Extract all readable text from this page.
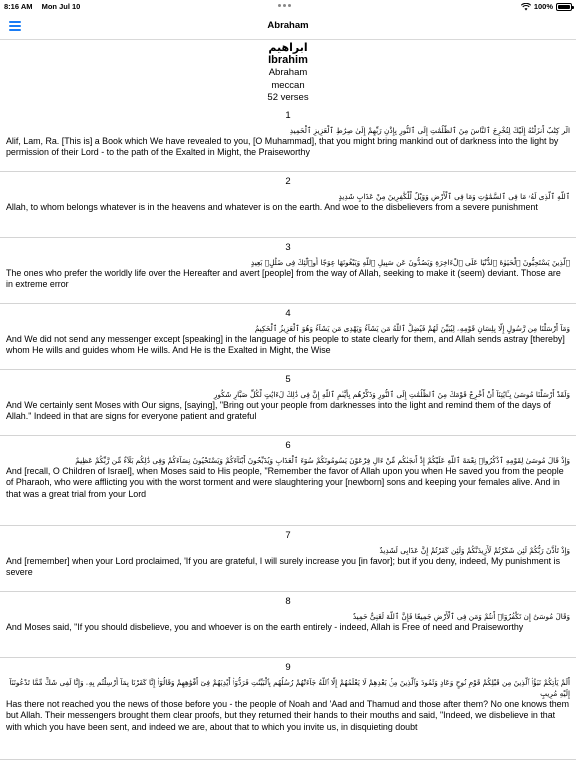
8:16 AM Mon Jul 10	100%
Abraham
ابراهيم
Ibrahim
Abraham
meccan
52 verses
1
الٓر كِتَٰبٌ أَنزَلْنَٰهُ إِلَيْكَ لِتُخْرِجَ ٱلنَّاسَ مِنَ ٱلظُّلُمَٰتِ إِلَى ٱلنُّورِ بِإِذْنِ رَبِّهِمْ إِلَىٰ صِرَٰطِ ٱلْعَزِيزِ ٱلْحَمِيدِ
Alif, Lam, Ra. [This is] a Book which We have revealed to you, [O Muhammad], that you might bring mankind out of darkness into the light by permission of their Lord - to the path of the Exalted in Might, the Praiseworthy
2
ٱللَّهِ ٱلَّذِى لَهُۥ مَا فِى ٱلسَّمَٰوَٰتِ وَمَا فِى ٱلْأَرْضِ وَوَيْلٌ لِّلْكَٰفِرِينَ مِنْ عَذَابٍ شَدِيدٍ
Allah, to whom belongs whatever is in the heavens and whatever is on the earth. And woe to the disbelievers from a severe punishment
3
ٱلَّذِينَ يَسْتَحِبُّونَ ٱلْحَيَوٰةَ ٱلدُّنْيَا عَلَى ٱلْءَاخِرَةِ وَيَصُدُّونَ عَن سَبِيلِ ٱللَّهِ وَيَبْغُونَهَا عِوَجًا أُو۟لَٰٓئِكَ فِى ضَلَٰلٍۭ بَعِيدٍ
The ones who prefer the worldly life over the Hereafter and avert [people] from the way of Allah, seeking to make it (seem) deviant. Those are in extreme error
4
وَمَآ أَرْسَلْنَا مِن رَّسُولٍ إِلَّا بِلِسَانِ قَوْمِهِۦ لِيُبَيِّنَ لَهُمْ فَيُضِلُّ ٱللَّهُ مَن يَشَآءُ وَيَهْدِى مَن يَشَآءُ وَهُوَ ٱلْعَزِيزُ ٱلْحَكِيمُ
And We did not send any messenger except [speaking] in the language of his people to state clearly for them, and Allah sends astray [thereby] whom He wills and guides whom He wills. And He is the Exalted in Might, the Wise
5
وَلَقَدْ أَرْسَلْنَا مُوسَىٰ بِـَٔايَٰتِنَآ أَنْ أَخْرِجْ قَوْمَكَ مِنَ ٱلظُّلُمَٰتِ إِلَى ٱلنُّورِ وَذَكِّرْهُم بِأَيَّىٰمِ ٱللَّهِ إِنَّ فِى ذَٰلِكَ لَءَايَٰتٍ لِّكُلِّ صَبَّارٍ شَكُورٍ
And We certainly sent Moses with Our signs, [saying], "Bring out your people from darknesses into the light and remind them of the days of Allah." Indeed in that are signs for everyone patient and grateful
6
وَإِذْ قَالَ مُوسَىٰ لِقَوْمِهِ ٱذْكُرُوا۟ نِعْمَةَ ٱللَّهِ عَلَيْكُمْ إِذْ أَنجَىٰكُم مِّنْ ءَالِ فِرْعَوْنَ يَسُومُونَكُمْ سُوٓءَ ٱلْعَذَابِ وَيُذَبِّحُونَ أَبْنَآءَكُمْ وَيَسْتَحْيُونَ نِسَآءَكُمْ وَفِى ذَٰلِكُم بَلَآءٌ مِّن رَّبِّكُمْ عَظِيمٌ
And [recall, O Children of Israel], when Moses said to His people, "Remember the favor of Allah upon you when He saved you from the people of Pharaoh, who were afflicting you with the worst torment and were slaughtering your [newborn] sons and keeping your females alive. And in that was a great trial from your Lord
7
وَإِذْ تَأَذَّنَ رَبُّكُمْ لَئِن شَكَرْتُمْ لَأَزِيدَنَّكُمْ وَلَئِن كَفَرْتُمْ إِنَّ عَذَابِى لَشَدِيدٌ
And [remember] when your Lord proclaimed, 'If you are grateful, I will surely increase you [in favor]; but if you deny, indeed, My punishment is severe
8
وَقَالَ مُوسَىٰٓ إِن تَكْفُرُوٓا۟ أَنتُمْ وَمَن فِى ٱلْأَرْضِ جَمِيعًا فَإِنَّ ٱللَّهَ لَغَنِىٌّ حَمِيدٌ
And Moses said, "If you should disbelieve, you and whoever is on the earth entirely - indeed, Allah is Free of need and Praiseworthy
9
أَلَمْ يَأْتِكُمْ نَبَؤُا۟ ٱلَّذِينَ مِن قَبْلِكُمْ قَوْمِ نُوحٍ وَعَادٍ وَثَمُودَ وَٱلَّذِينَ مِنۢ بَعْدِهِمْ لَا يَعْلَمُهُمْ إِلَّا ٱللَّهُ جَآءَتْهُمْ رُسُلُهُم بِٱلْبَيِّنَٰتِ فَرَدُّوٓا۟ أَيْدِيَهُمْ فِىٓ أَفْوَٰهِهِمْ وَقَالُوٓا۟ إِنَّا كَفَرْنَا بِمَآ أُرْسِلْتُم بِهِۦ وَإِنَّا لَفِى شَكٍّ مِّمَّا تَدْعُونَنَآ إِلَيْهِ مُرِيبٍ
Has there not reached you the news of those before you - the people of Noah and 'Aad and Thamud and those after them? No one knows them but Allah. Their messengers brought them clear proofs, but they returned their hands to their mouths and said, "Indeed, we disbelieve in that with which you have been sent, and indeed we are, about that to which you invite us, in disquieting doubt
